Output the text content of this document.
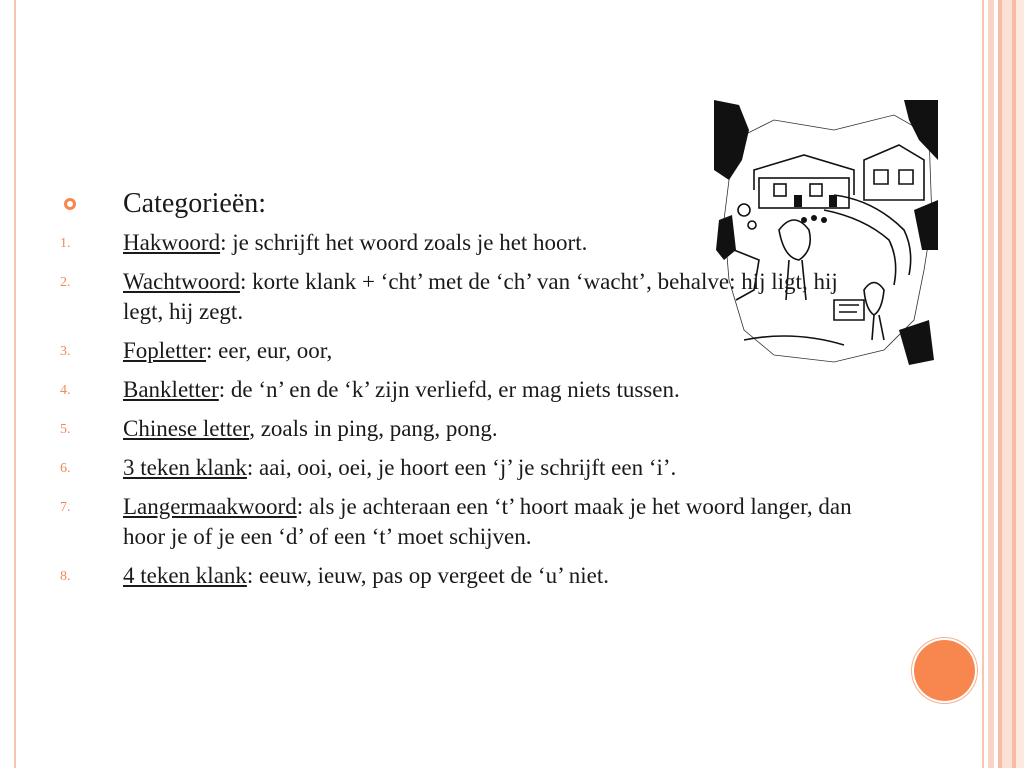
Categorieën:
1.	Hakwoord: je schrijft het woord zoals je het hoort.
2.	Wachtwoord: korte klank + ‘cht’ met de ‘ch’ van ‘wacht’, behalve: hij ligt, hij legt, hij zegt.
3.	Fopletter: eer, eur, oor,
4.	Bankletter: de ‘n’ en de ‘k’ zijn verliefd, er mag niets tussen.
5.	Chinese letter, zoals in ping, pang, pong.
6.	3 teken klank: aai, ooi, oei, je hoort een ‘j’ je schrijft een ‘i’.
7.	Langermaakwoord: als je achteraan een ‘t’ hoort maak je het woord langer, dan hoor je of je een ‘d’ of een ‘t’ moet schijven.
8.	4 teken klank: eeuw, ieuw, pas op vergeet de ‘u’ niet.
